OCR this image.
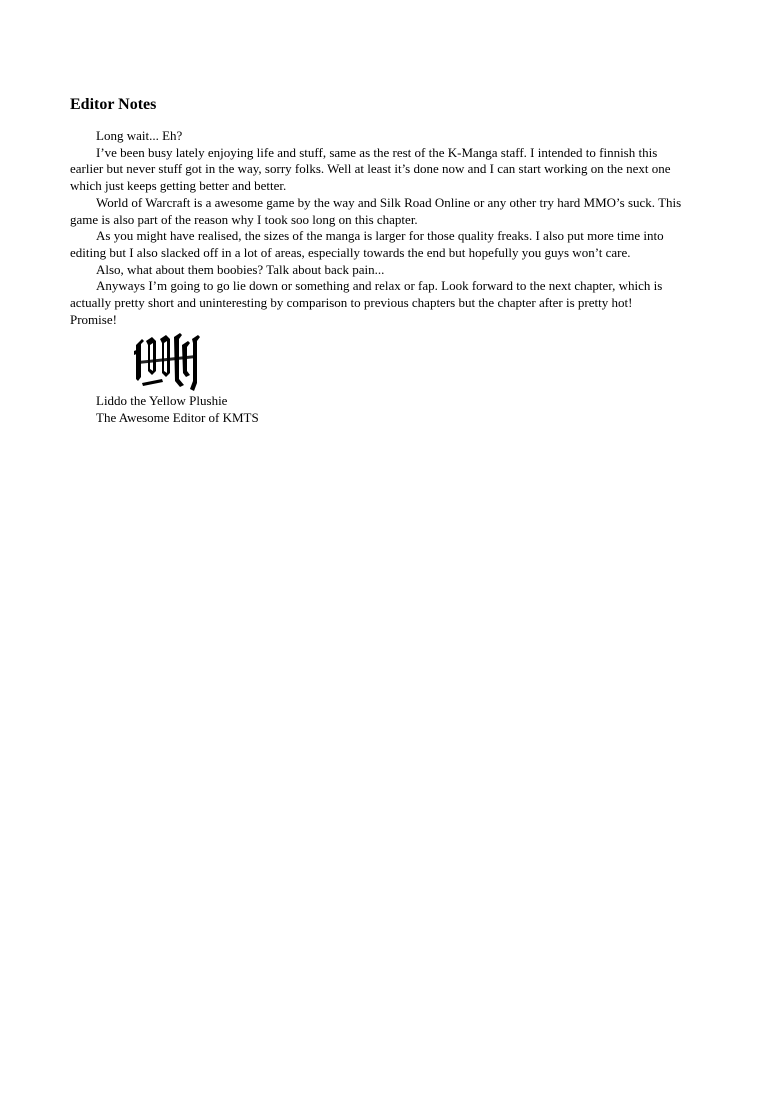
Editor Notes

Long wait... Eh?

I’ve been busy lately enjoying life and stuff, same as the rest of the K-Manga staff. I intended to finnish this earlier but never stuff got in the way, sorry folks. Well at least it’s done now and I can start working on the next one which just keeps getting better and better.

World of Warcraft is a awesome game by the way and Silk Road Online or any other try hard MMO’s suck. This game is also part of the reason why I took soo long on this chapter.

As you might have realised, the sizes of the manga is larger for those quality freaks. I also put more time into editing but I also slacked off in a lot of areas, especially towards the end but hopefully you guys won’t care.

Also, what about them boobies? Talk about back pain...

Anyways I’m going to go lie down or something and relax or fap. Look forward to the next chapter, which is actually pretty short and uninteresting by comparison to previous chapters but the chapter after is pretty hot! Promise!

Liddo the Yellow Plushie

The Awesome Editor of KMTS
